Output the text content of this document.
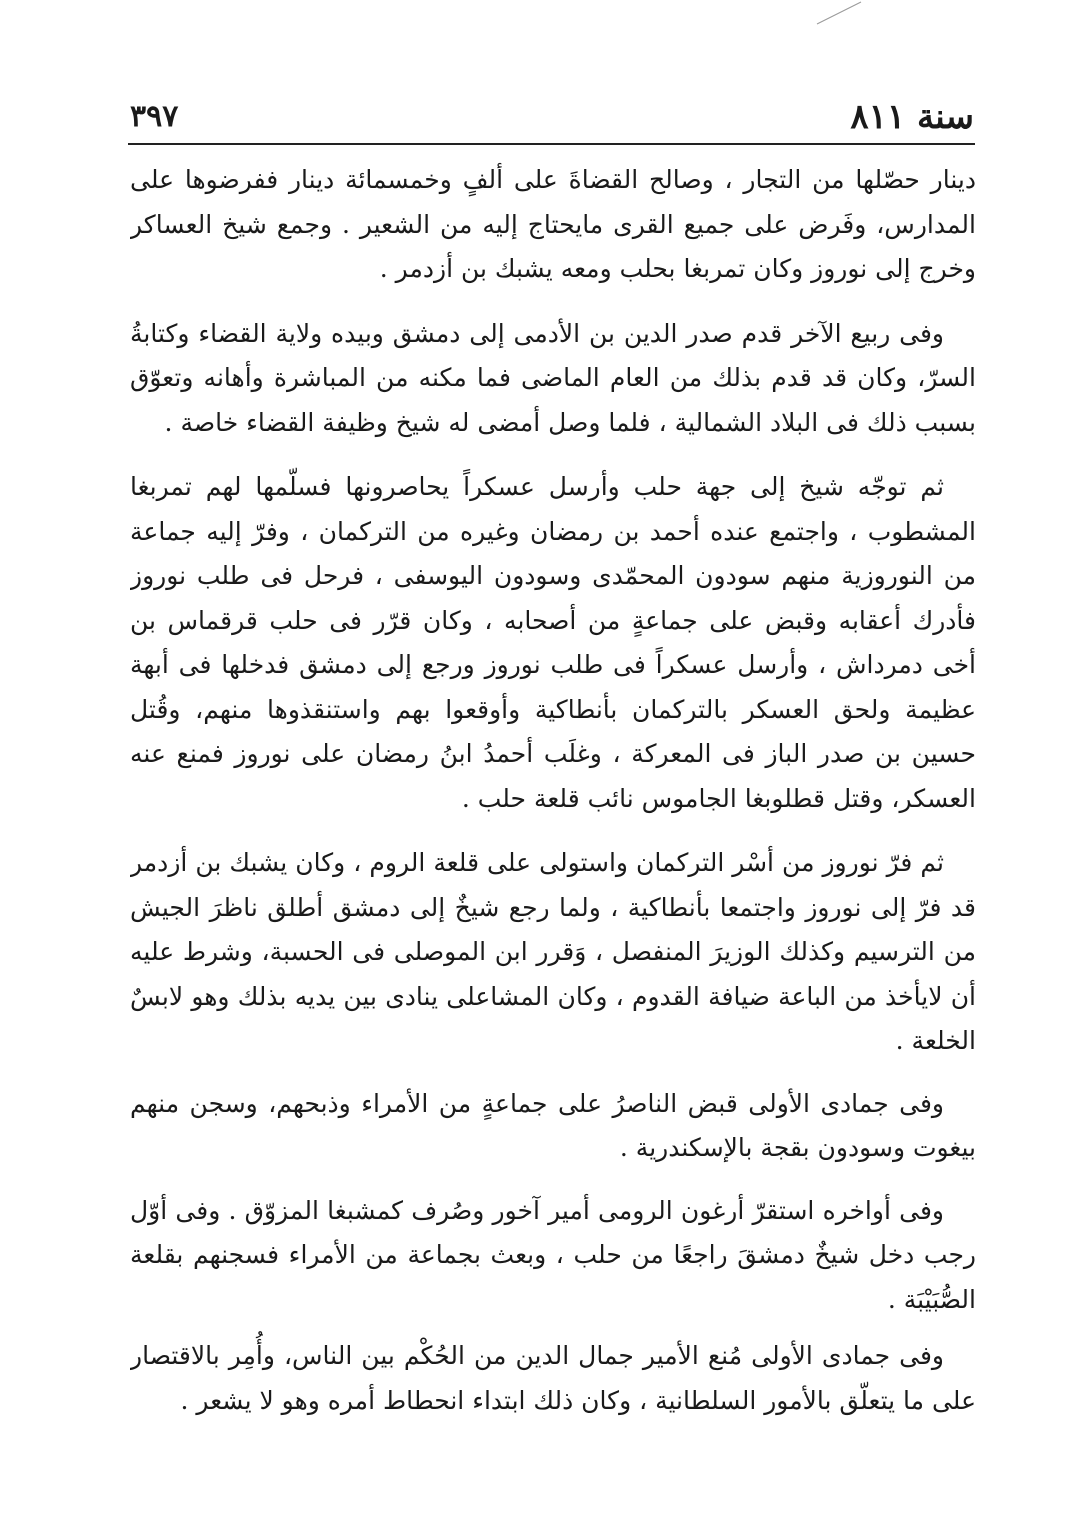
سنة ٨١١
٣٩٧

دينار حصّلها من التجار ، وصالح القضاةَ على ألفٍ وخمسمائة دينار ففرضوها على المدارس، وفَرض على جميع القرى مايحتاج إليه من الشعير . وجمع شيخ العساكر وخرج إلى نوروز وكان تمربغا بحلب ومعه يشبك بن أزدمر .

وفى ربيع الآخر قدم صدر الدين بن الأدمى إلى دمشق وبيده ولاية القضاء وكتابةُ السرّ، وكان قد قدم بذلك من العام الماضى فما مكنه من المباشرة وأهانه وتعوّق بسبب ذلك فى البلاد الشمالية ، فلما وصل أمضى له شيخ وظيفة القضاء خاصة .

ثم توجّه شيخ إلى جهة حلب وأرسل عسكراً يحاصرونها فسلّمها لهم تمربغا المشطوب ، واجتمع عنده أحمد بن رمضان وغيره من التركمان ، وفرّ إليه جماعة من النوروزية منهم سودون المحمّدى وسودون اليوسفى ، فرحل فى طلب نوروز فأدرك أعقابه وقبض على جماعةٍ من أصحابه ، وكان قرّر فى حلب قرقماس بن أخى دمرداش ، وأرسل عسكراً فى طلب نوروز ورجع إلى دمشق فدخلها فى أبهة عظيمة ولحق العسكر بالتركمان بأنطاكية وأوقعوا بهم واستنقذوها منهم، وقُتل حسين بن صدر الباز فى المعركة ، وغلَب أحمدُ ابنُ رمضان على نوروز فمنع عنه العسكر، وقتل قطلوبغا الجاموس نائب قلعة حلب .

ثم فرّ نوروز من أسْر التركمان واستولى على قلعة الروم ، وكان يشبك بن أزدمر قد فرّ إلى نوروز واجتمعا بأنطاكية ، ولما رجع شيخٌ إلى دمشق أطلق ناظرَ الجيش من الترسيم وكذلك الوزيرَ المنفصل ، وَقرر ابن الموصلى فى الحسبة، وشرط عليه أن لايأخذ من الباعة ضيافة القدوم ، وكان المشاعلى ينادى بين يديه بذلك وهو لابسٌ الخلعة .

وفى جمادى الأولى قبض الناصرُ على جماعةٍ من الأمراء وذبحهم، وسجن منهم بيغوت وسودون بقجة بالإسكندرية .

وفى أواخره استقرّ أرغون الرومى أمير آخور وصُرف كمشبغا المزوّق . وفى أوّل رجب دخل شيخٌ دمشقَ راجعًا من حلب ، وبعث بجماعة من الأمراء فسجنهم بقلعة الصُّبَيْبَة .

وفى جمادى الأولى مُنع الأمير جمال الدين من الحُكْم بين الناس، وأُمِر بالاقتصار على ما يتعلّق بالأمور السلطانية ، وكان ذلك ابتداء انحطاط أمره وهو لا يشعر .
